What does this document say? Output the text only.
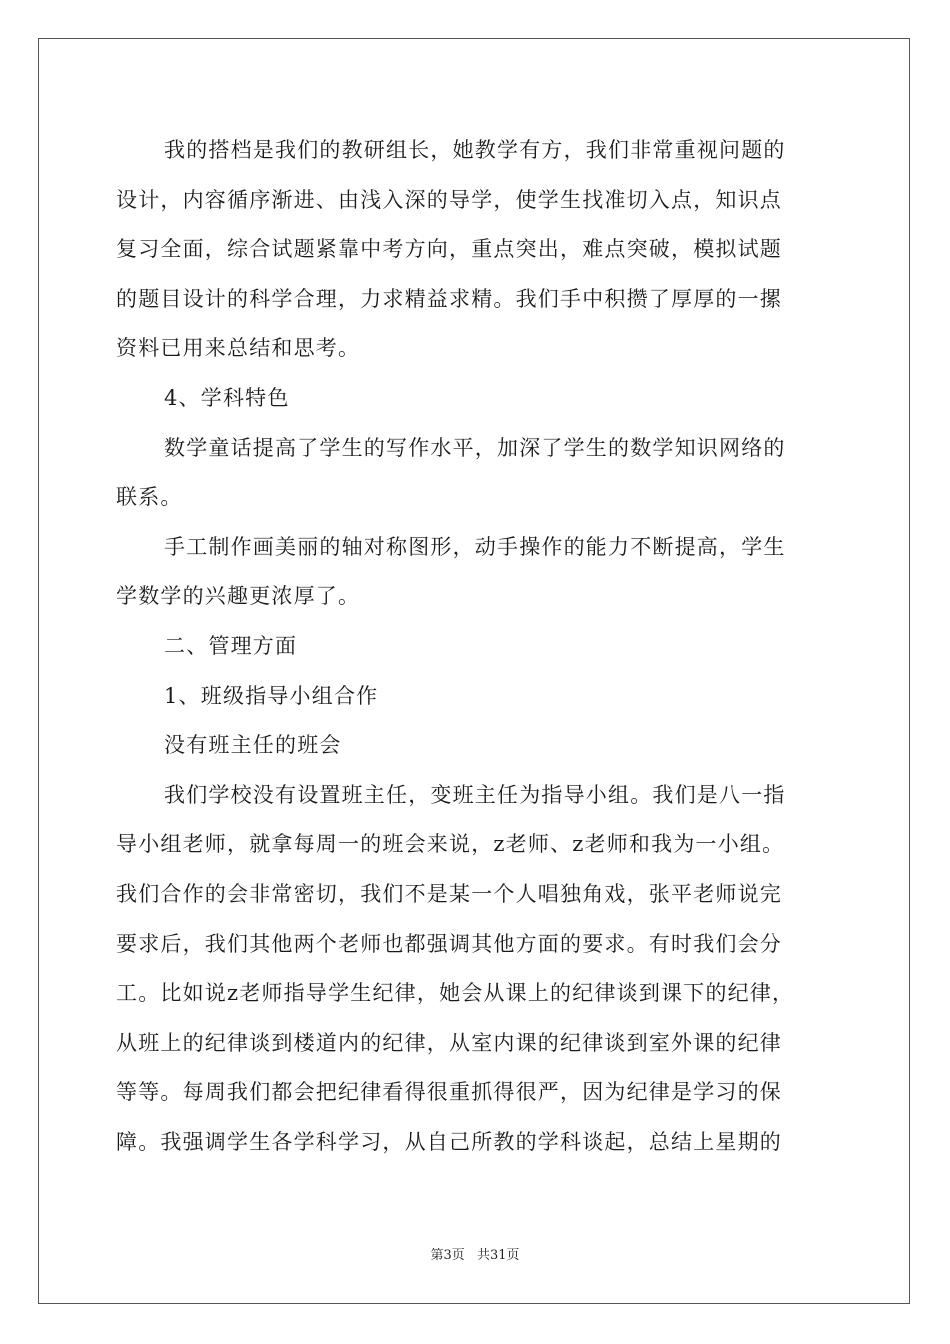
我的搭档是我们的教研组长，她教学有方，我们非常重视问题的
设计，内容循序渐进、由浅入深的导学，使学生找准切入点，知识点
复习全面，综合试题紧靠中考方向，重点突出，难点突破，模拟试题
的题目设计的科学合理，力求精益求精。我们手中积攒了厚厚的一摞
资料已用来总结和思考。
4、学科特色
数学童话提高了学生的写作水平，加深了学生的数学知识网络的
联系。
手工制作画美丽的轴对称图形，动手操作的能力不断提高，学生
学数学的兴趣更浓厚了。
二、管理方面
1、班级指导小组合作
没有班主任的班会
我们学校没有设置班主任，变班主任为指导小组。我们是八一指
导小组老师，就拿每周一的班会来说，z老师、z老师和我为一小组。
我们合作的会非常密切，我们不是某一个人唱独角戏，张平老师说完
要求后，我们其他两个老师也都强调其他方面的要求。有时我们会分
工。比如说z老师指导学生纪律，她会从课上的纪律谈到课下的纪律，
从班上的纪律谈到楼道内的纪律，从室内课的纪律谈到室外课的纪律
等等。每周我们都会把纪律看得很重抓得很严，因为纪律是学习的保
障。我强调学生各学科学习，从自己所教的学科谈起，总结上星期的
第3页 共31页
